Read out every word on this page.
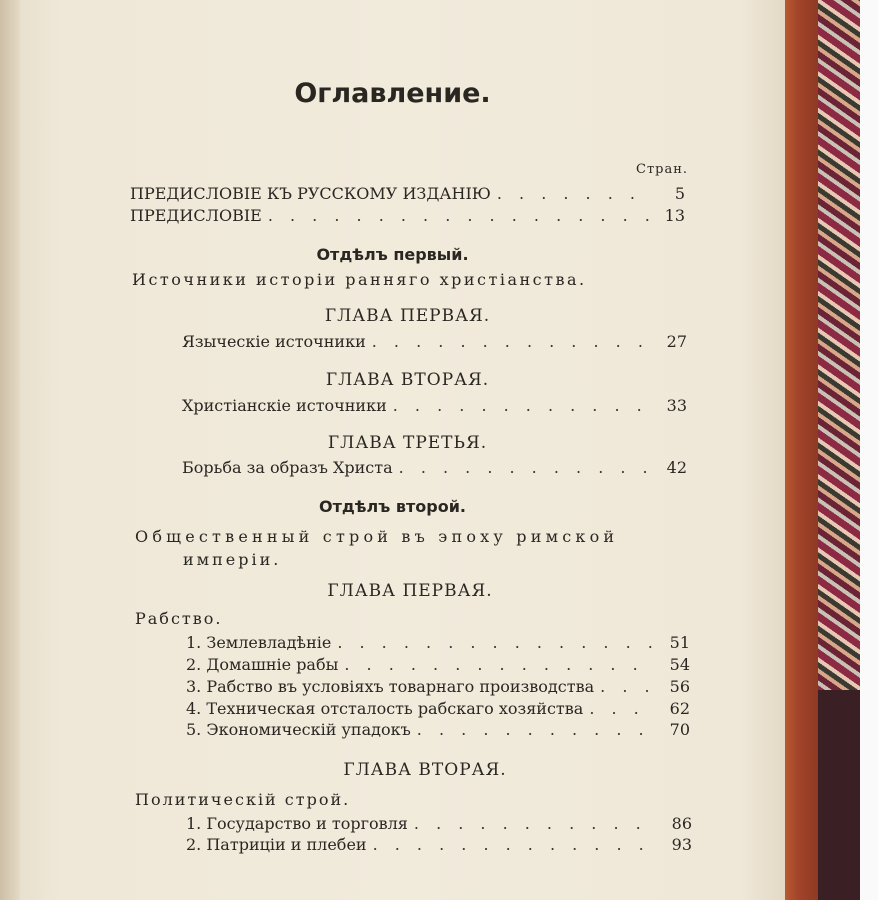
Оглавление.
Стран.
ПРЕДИСЛОВІЕ КЪ РУССКОМУ ИЗДАНІЮ . . .	5
ПРЕДИСЛОВІЕ . . .	13
Отдѣлъ первый.
Источники исторіи ранняго христіанства.
ГЛАВА ПЕРВАЯ.
Языческіе источники . . .	27
ГЛАВА ВТОРАЯ.
Христіанскіе источники . . .	33
ГЛАВА ТРЕТЬЯ.
Борьба за образъ Христа . . .	42
Отдѣлъ второй.
Общественный строй въ эпоху римской
имперіи.
ГЛАВА ПЕРВАЯ.
Рабство.
1. Землевладѣніе . . .	51
2. Домашніе рабы . . .	54
3. Рабство въ условіяхъ товарнаго производства . . .	56
4. Техническая отсталость рабскаго хозяйства . . .	62
5. Экономическій упадокъ . . .	70
ГЛАВА ВТОРАЯ.
Политическій строй.
1. Государство и торговля . . .	86
2. Патриціи и плебеи . . .	93
